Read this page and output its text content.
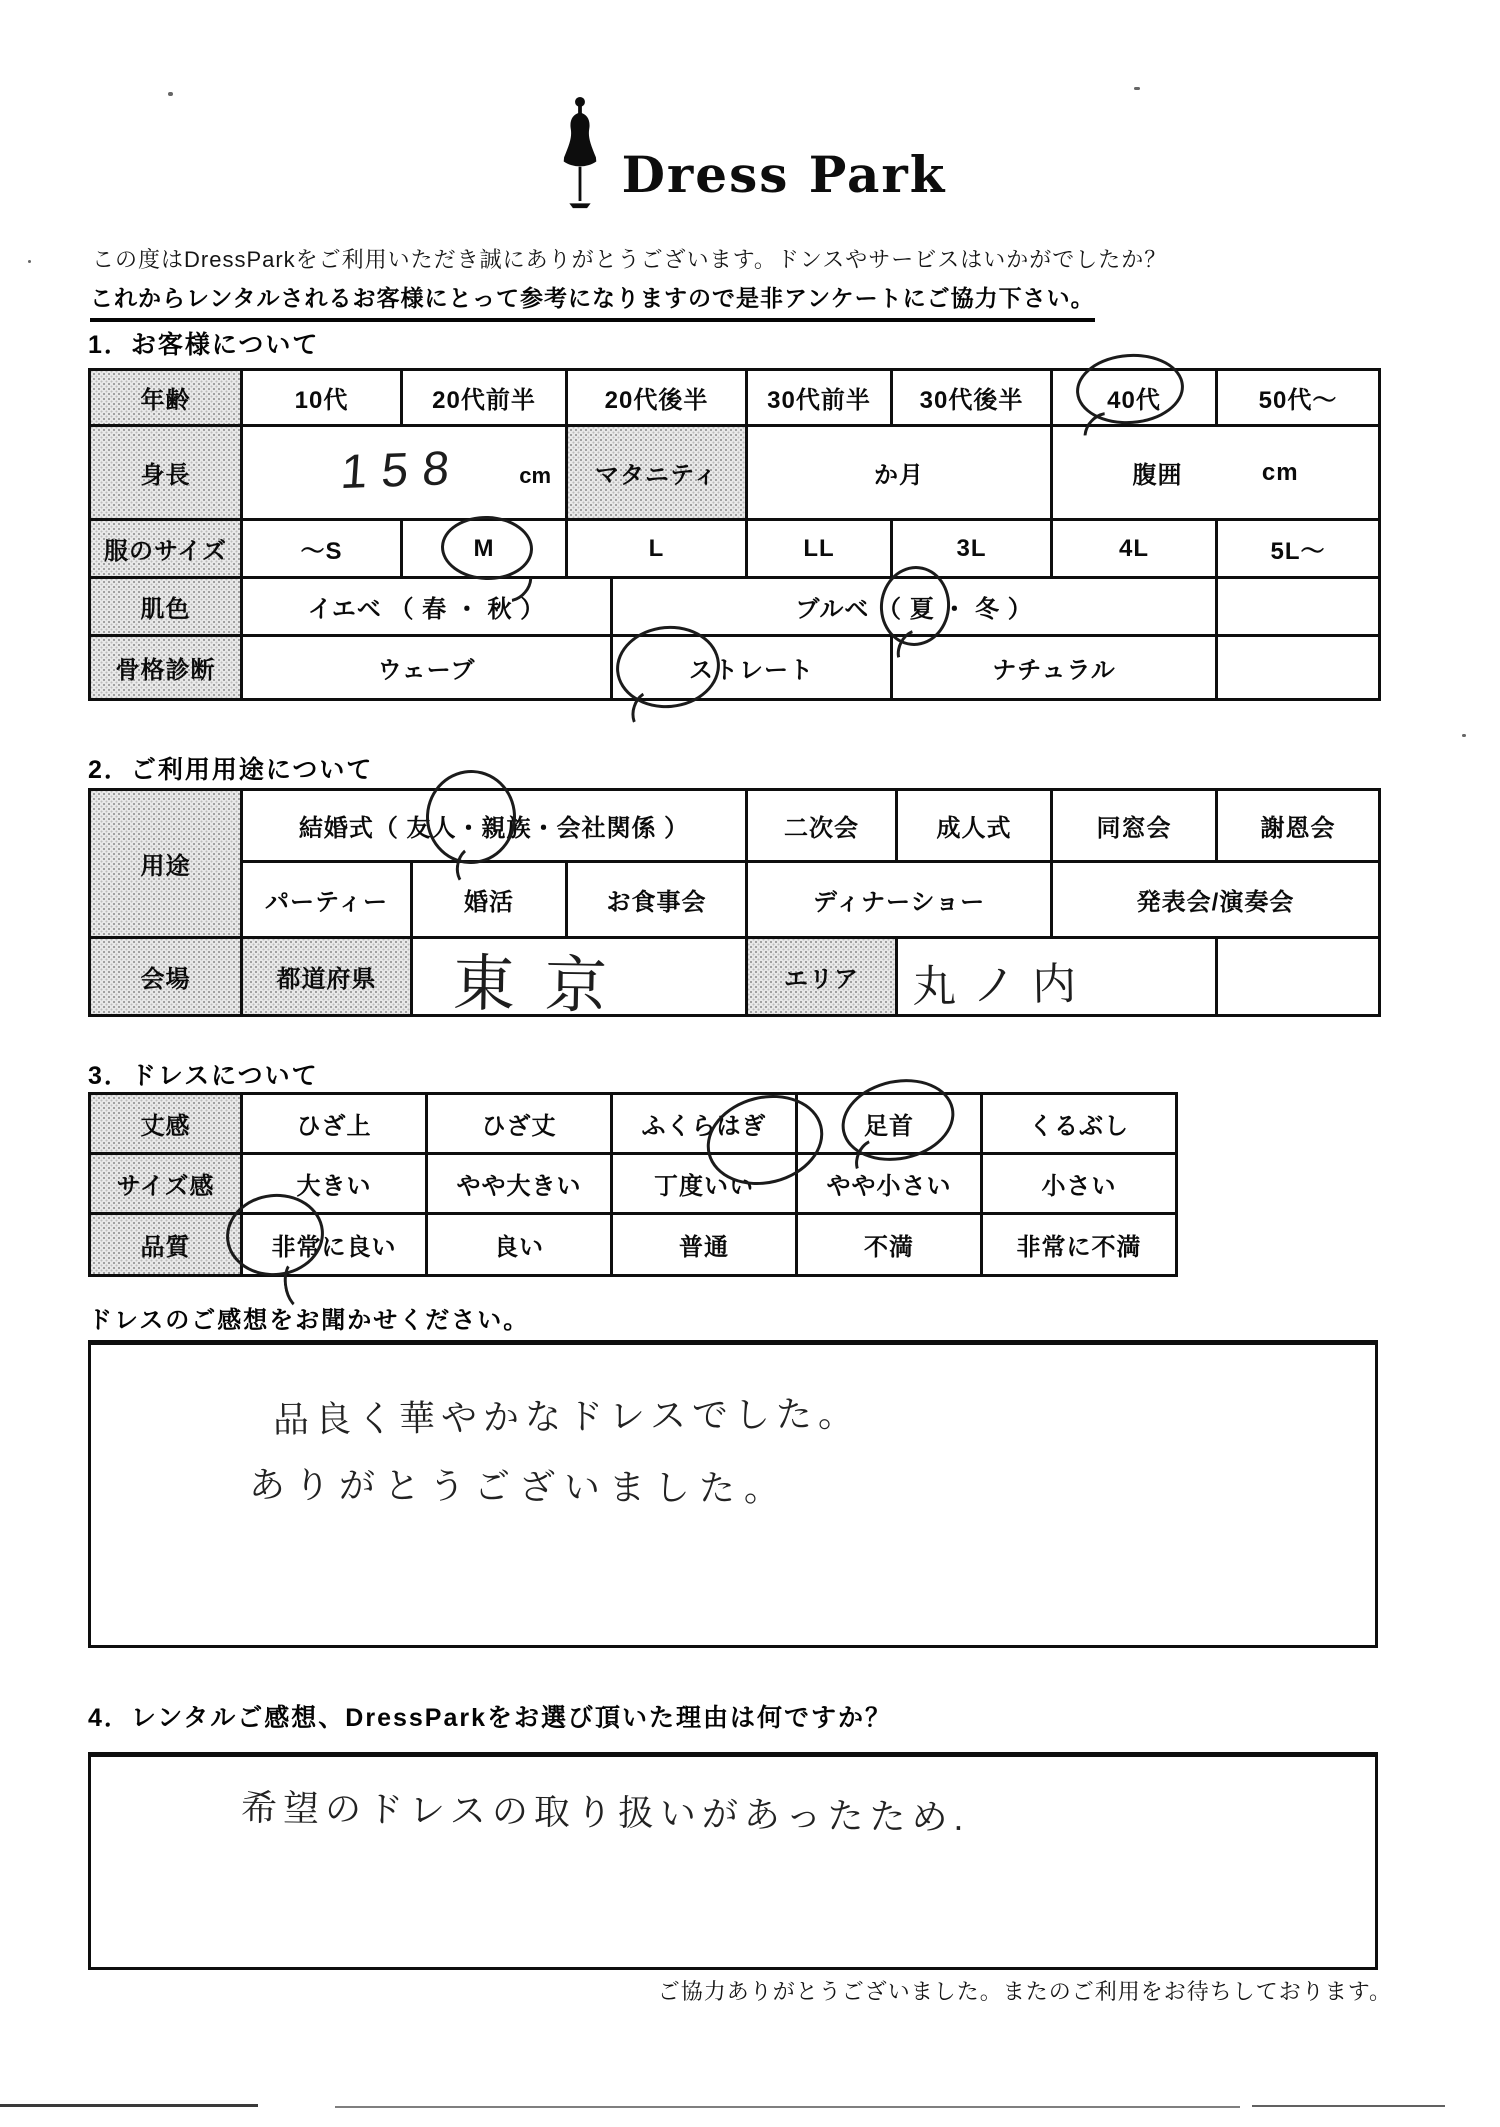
Dress Park
この度はDressParkをご利用いただき誠にありがとうございます。ドンスやサービスはいかがでしたか？
これからレンタルされるお客様にとって参考になりますので是非アンケートにご協力下さい。
1．お客様について
年齢	10代	20代前半	20代後半		30代前半	30代後半	40代	50代～
身長	158 cm		マタニティ		か月		腹囲 cm	

服のサイズ	～S	M	L		LL	3L	4L	5L～
肌色	イエベ （ 春 ・ 秋 ）			ブルベ （ 夏 ・ 冬 ）				
骨格診断	ウェーブ			ストレート		ナチュラル		
2．ご利用用途について
用途	結婚式（ 友人・親族・会社関係 ）			二次会	成人式	同窓会	謝恩会
	パーティー	婚活	お食事会	ディナーショー		発表会/演奏会	
会場	都道府県	東京		エリア	丸ノ内		

3．ドレスについて
丈感	ひざ上	ひざ丈	ふくらはぎ	足首	くるぶし
サイズ感	大きい	やや大きい	丁度いい	やや小さい	小さい
品質	非常に良い	良い	普通	不満	非常に不満
ドレスのご感想をお聞かせください。
品良く華やかなドレスでした。
ありがとうございました。
4．レンタルご感想、DressParkをお選び頂いた理由は何ですか？
希望のドレスの取り扱いがあったため.
ご協力ありがとうございました。またのご利用をお待ちしております。
